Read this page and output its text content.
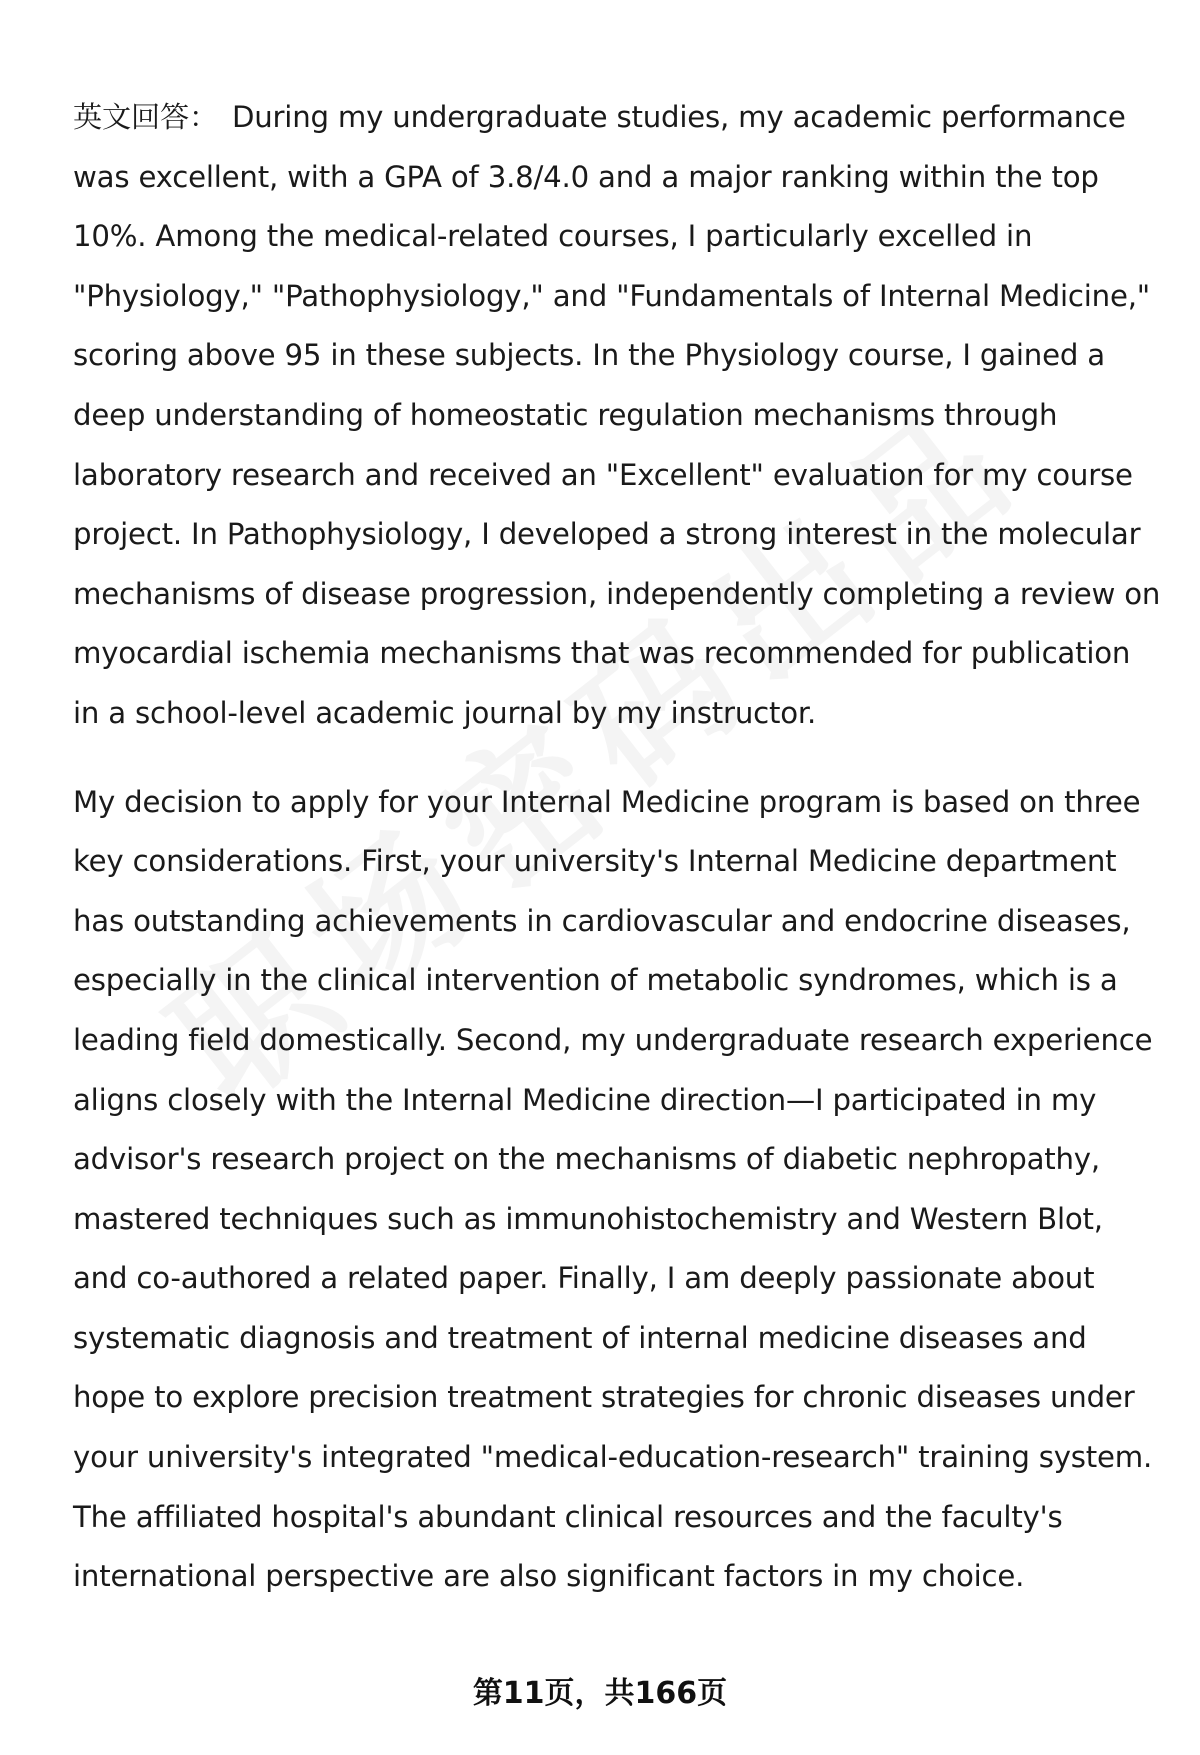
英文回答： During my undergraduate studies, my academic performance was excellent, with a GPA of 3.8/4.0 and a major ranking within the top 10%. Among the medical-related courses, I particularly excelled in "Physiology," "Pathophysiology," and "Fundamentals of Internal Medicine," scoring above 95 in these subjects. In the Physiology course, I gained a deep understanding of homeostatic regulation mechanisms through laboratory research and received an "Excellent" evaluation for my course project. In Pathophysiology, I developed a strong interest in the molecular mechanisms of disease progression, independently completing a review on myocardial ischemia mechanisms that was recommended for publication in a school-level academic journal by my instructor.

My decision to apply for your Internal Medicine program is based on three key considerations. First, your university's Internal Medicine department has outstanding achievements in cardiovascular and endocrine diseases, especially in the clinical intervention of metabolic syndromes, which is a leading field domestically. Second, my undergraduate research experience aligns closely with the Internal Medicine direction—I participated in my advisor's research project on the mechanisms of diabetic nephropathy, mastered techniques such as immunohistochemistry and Western Blot, and co-authored a related paper. Finally, I am deeply passionate about systematic diagnosis and treatment of internal medicine diseases and hope to explore precision treatment strategies for chronic diseases under your university's integrated "medical-education-research" training system. The affiliated hospital's abundant clinical resources and the faculty's international perspective are also significant factors in my choice.

第11页，共166页
